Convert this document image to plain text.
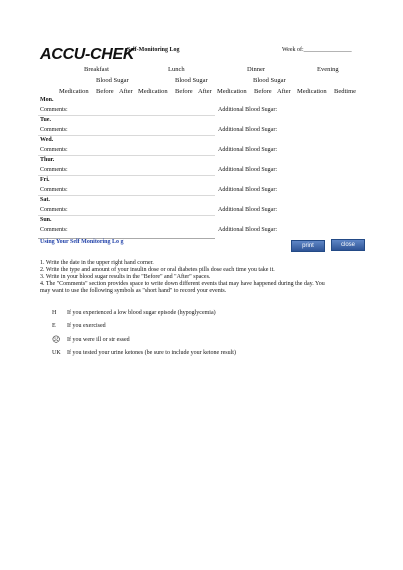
ACCU-CHEK
Self-Monitoring Log	Week of:________________
Breakfast	Lunch	Dinner	Evening
Blood Sugar	Blood Sugar	Blood Sugar
Medication Before After Medication Before After Medication Before After Medication Bedtime
Mon.
Comments:	Additional Blood Sugar:
Tue.
Comments:	Additional Blood Sugar:
Wed.
Comments:	Additional Blood Sugar:
Thur.
Comments:	Additional Blood Sugar:
Fri.
Comments:	Additional Blood Sugar:
Sat.
Comments:	Additional Blood Sugar:
Sun.
Comments:	Additional Blood Sugar:
Using Your Self Monitoring Lo g
print	close
1. Write the date in the upper right hand corner.
2. Write the type and amount of your insulin dose or oral diabetes pills dose each time you take it.
3. Write in your blood sugar results in the "Before" and "After" spaces.
4. The "Comments" section provides space to write down different events that may have happened during the day. You
may want to use the following symbols as "short hand" to record your events.
H If you experienced a low blood sugar episode (hypoglycemia)
E If you exercised
☹ If you were ill or str essed
UK If you tested your urine ketones (be sure to include your ketone result)
